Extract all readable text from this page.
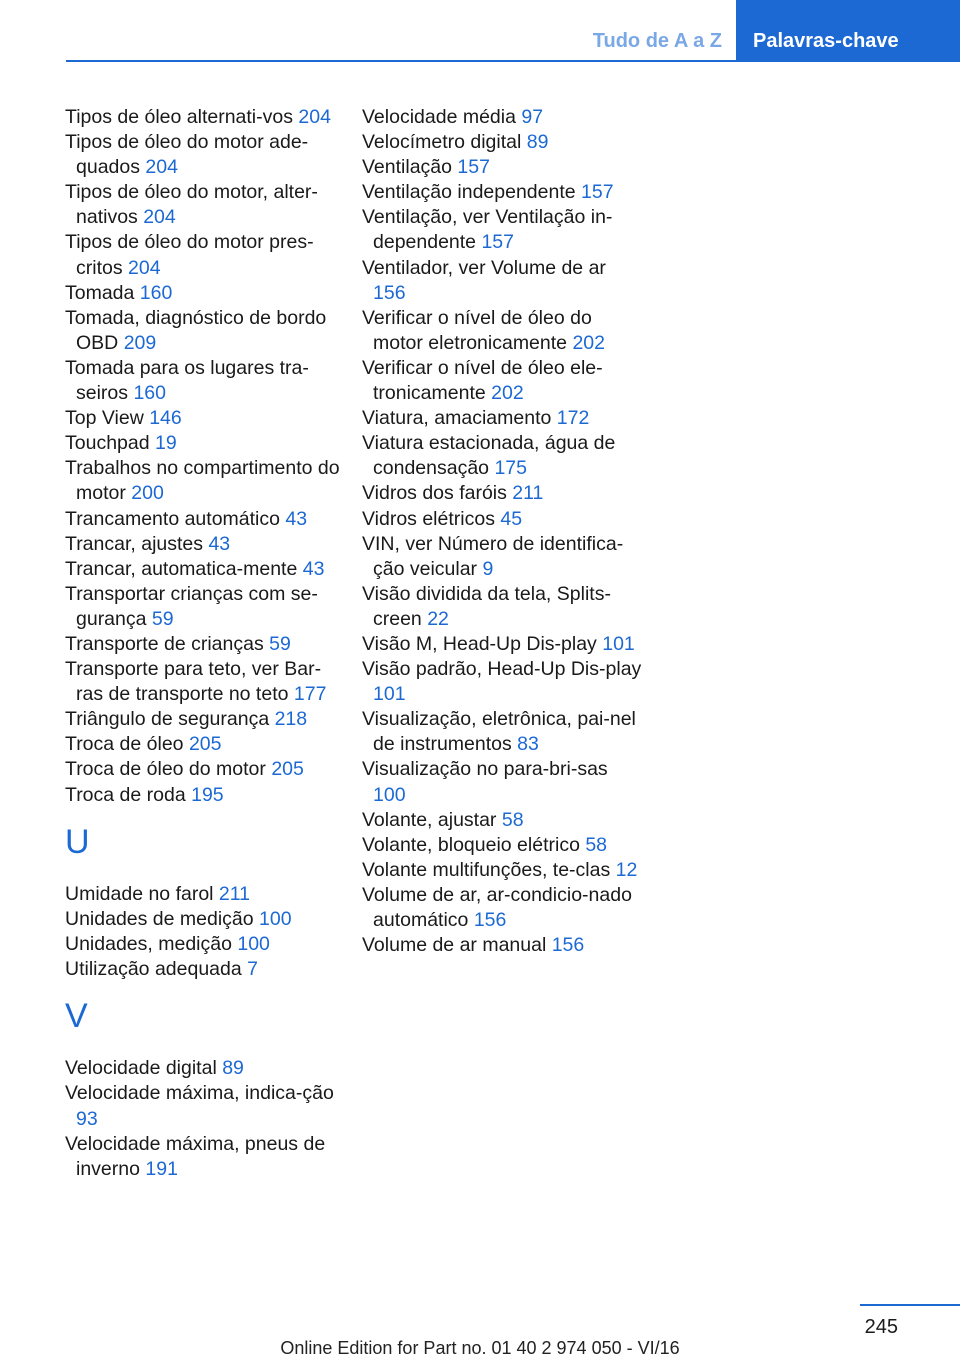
Tudo de A a Z	Palavras-chave
Tipos de óleo alternati-vos 204
Tipos de óleo do motor ade-quados 204
Tipos de óleo do motor, alter-nativos 204
Tipos de óleo do motor pres-critos 204
Tomada 160
Tomada, diagnóstico de bordo OBD 209
Tomada para os lugares tra-seiros 160
Top View 146
Touchpad 19
Trabalhos no compartimento do motor 200
Trancamento automático 43
Trancar, ajustes 43
Trancar, automatica-mente 43
Transportar crianças com se-gurança 59
Transporte de crianças 59
Transporte para teto, ver Bar-ras de transporte no teto 177
Triângulo de segurança 218
Troca de óleo 205
Troca de óleo do motor 205
Troca de roda 195
U
Umidade no farol 211
Unidades de medição 100
Unidades, medição 100
Utilização adequada 7
V
Velocidade digital 89
Velocidade máxima, indica-ção 93
Velocidade máxima, pneus de inverno 191
Velocidade média 97
Velocímetro digital 89
Ventilação 157
Ventilação independente 157
Ventilação, ver Ventilação in-dependente 157
Ventilador, ver Volume de ar 156
Verificar o nível de óleo do motor eletronicamente 202
Verificar o nível de óleo ele-tronicamente 202
Viatura, amaciamento 172
Viatura estacionada, água de condensação 175
Vidros dos faróis 211
Vidros elétricos 45
VIN, ver Número de identifica-ção veicular 9
Visão dividida da tela, Splits-creen 22
Visão M, Head-Up Dis-play 101
Visão padrão, Head-Up Dis-play 101
Visualização, eletrônica, pai-nel de instrumentos 83
Visualização no para-bri-sas 100
Volante, ajustar 58
Volante, bloqueio elétrico 58
Volante multifunções, te-clas 12
Volume de ar, ar-condicio-nado automático 156
Volume de ar manual 156
245
Online Edition for Part no. 01 40 2 974 050 - VI/16
